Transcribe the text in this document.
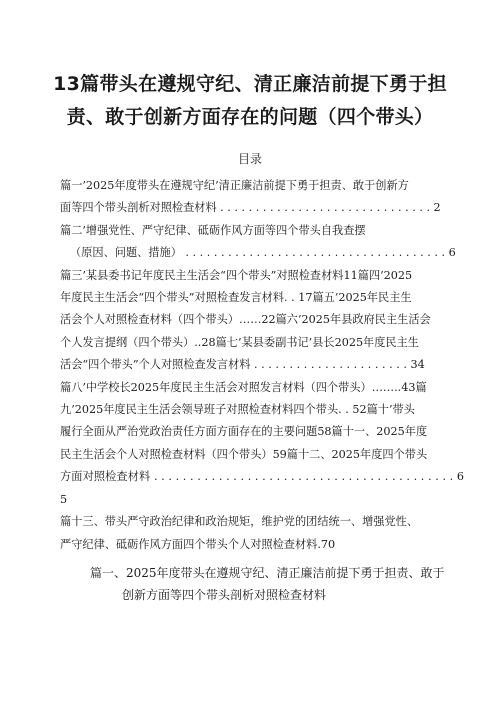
13篇带头在遵规守纪、清正廉洁前提下勇于担
责、敢于创新方面存在的问题（四个带头）
目录

篇一’2025年度带头在遵规守纪’清正廉洁前提下勇于担责、敢于创新方

面等四个带头剖析对照检查材料 . . . . . . . . . . . . . . . . . . . . . . . . . . . . . . 2

篇二’增强党性、严守纪律、砥砺作风方面等四个带头自我查摆

（原因、问题、措施） . . . . . . . . . . . . . . . . . . . . . . . . . . . . . . . . . . . . . 6

篇三’某县委书记年度民主生活会“四个带头”对照检查材料11篇四’2025

年度民主生活会“四个带头”对照检查发言材料. . 17篇五’2025年民主生

活会个人对照检查材料（四个带头）……22篇六’2025年县政府民主生活会

个人发言提纲（四个带头）..28篇七’某县委副书记’县长2025年度民主生

活会“四个带头”个人对照检查发言材料 . . . . . . . . . . . . . . . . . . . . . . 34

篇八’中学校长2025年度民主生活会对照发言材料（四个带头）……..43篇

九’2025年度民主生活会领导班子对照检查材料四个带头. . 52篇十’带头

履行全面从严治党政治责任方面方面存在的主要问题58篇十一、2025年度

民主生活会个人对照检查材料（四个带头）59篇十二、2025年度四个带头

方面对照检查材料 . . . . . . . . . . . . . . . . . . . . . . . . . . . . . . . . . . . . . . . . . . 65

篇十三、带头严守政治纪律和政治规矩，维护党的团结统一、增强党性、

严守纪律、砥砺作风方面四个带头个人对照检查材料.70

篇一、2025年度带头在遵规守纪、清正廉洁前提下勇于担责、敢于
创新方面等四个带头剖析对照检查材料
